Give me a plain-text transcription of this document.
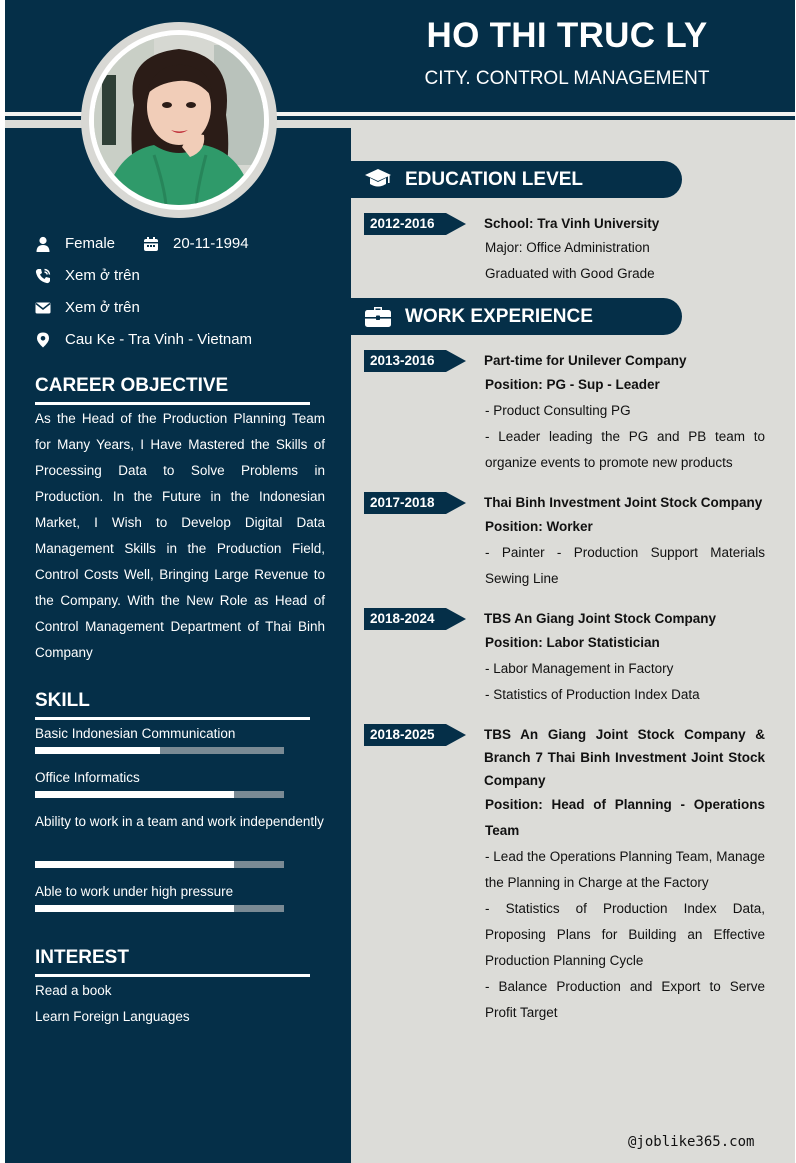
HO THI TRUC LY
CITY. CONTROL MANAGEMENT
Female	20-11-1994
Xem ở trên
Xem ở trên
Cau Ke - Tra Vinh - Vietnam
CAREER OBJECTIVE
As the Head of the Production Planning Team for Many Years, I Have Mastered the Skills of Processing Data to Solve Problems in Production. In the Future in the Indonesian Market, I Wish to Develop Digital Data Management Skills in the Production Field, Control Costs Well, Bringing Large Revenue to the Company. With the New Role as Head of Control Management Department of Thai Binh Company
SKILL
Basic Indonesian Communication
Office Informatics
Ability to work in a team and work independently
Able to work under high pressure
INTEREST
Read a book
Learn Foreign Languages
EDUCATION LEVEL
2012-2016	School: Tra Vinh University
Major: Office Administration
Graduated with Good Grade
WORK EXPERIENCE
2013-2016	Part-time for Unilever Company
Position: PG - Sup - Leader
- Product Consulting PG
- Leader leading the PG and PB team to organize events to promote new products
2017-2018	Thai Binh Investment Joint Stock Company
Position: Worker
- Painter - Production Support Materials Sewing Line
2018-2024	TBS An Giang Joint Stock Company
Position: Labor Statistician
- Labor Management in Factory
- Statistics of Production Index Data
2018-2025	TBS An Giang Joint Stock Company & Branch 7 Thai Binh Investment Joint Stock Company
Position: Head of Planning - Operations Team
- Lead the Operations Planning Team, Manage the Planning in Charge at the Factory
- Statistics of Production Index Data, Proposing Plans for Building an Effective Production Planning Cycle
- Balance Production and Export to Serve Profit Target
@joblike365.com
